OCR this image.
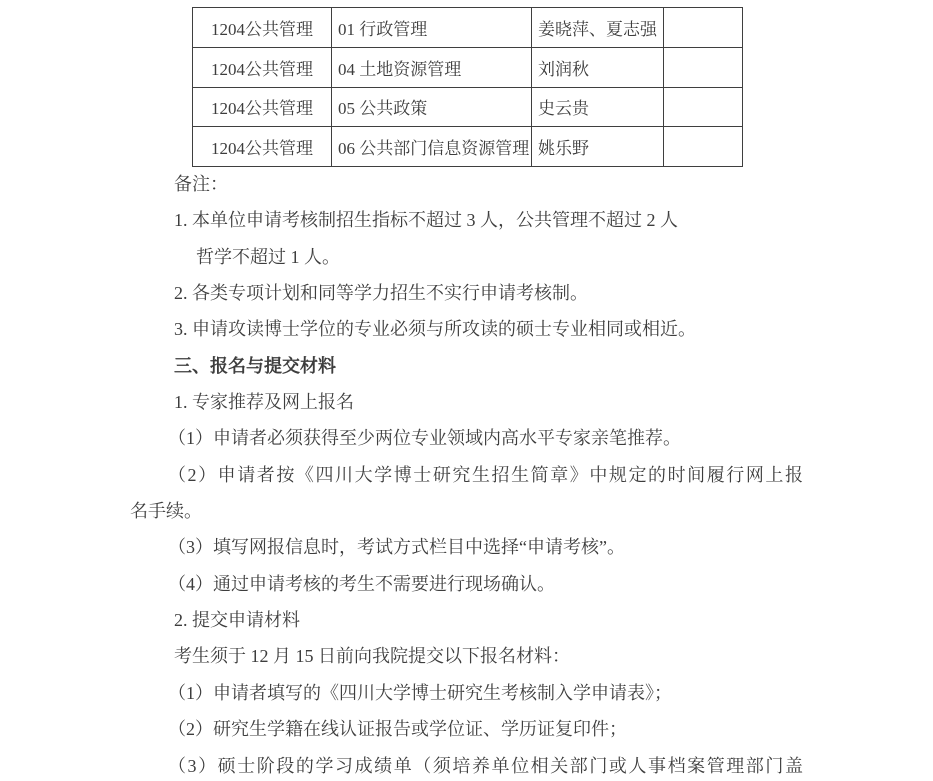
1204公共管理	01 行政管理	姜晓萍、夏志强	
1204公共管理	04 土地资源管理	刘润秋	
1204公共管理	05 公共政策	史云贵	
1204公共管理	06 公共部门信息资源管理	姚乐野	
备注：
1. 本单位申请考核制招生指标不超过 3 人，公共管理不超过 2 人
哲学不超过 1 人。
2. 各类专项计划和同等学力招生不实行申请考核制。
3. 申请攻读博士学位的专业必须与所攻读的硕士专业相同或相近。
三、报名与提交材料
1. 专家推荐及网上报名
（1）申请者必须获得至少两位专业领域内高水平专家亲笔推荐。
（2）申请者按《四川大学博士研究生招生简章》中规定的时间履行网上报
名手续。
（3）填写网报信息时，考试方式栏目中选择“申请考核”。
（4）通过申请考核的考生不需要进行现场确认。
2. 提交申请材料
考生须于 12 月 15 日前向我院提交以下报名材料：
（1）申请者填写的《四川大学博士研究生考核制入学申请表》；
（2）研究生学籍在线认证报告或学位证、学历证复印件；
（3）硕士阶段的学习成绩单（须培养单位相关部门或人事档案管理部门盖
